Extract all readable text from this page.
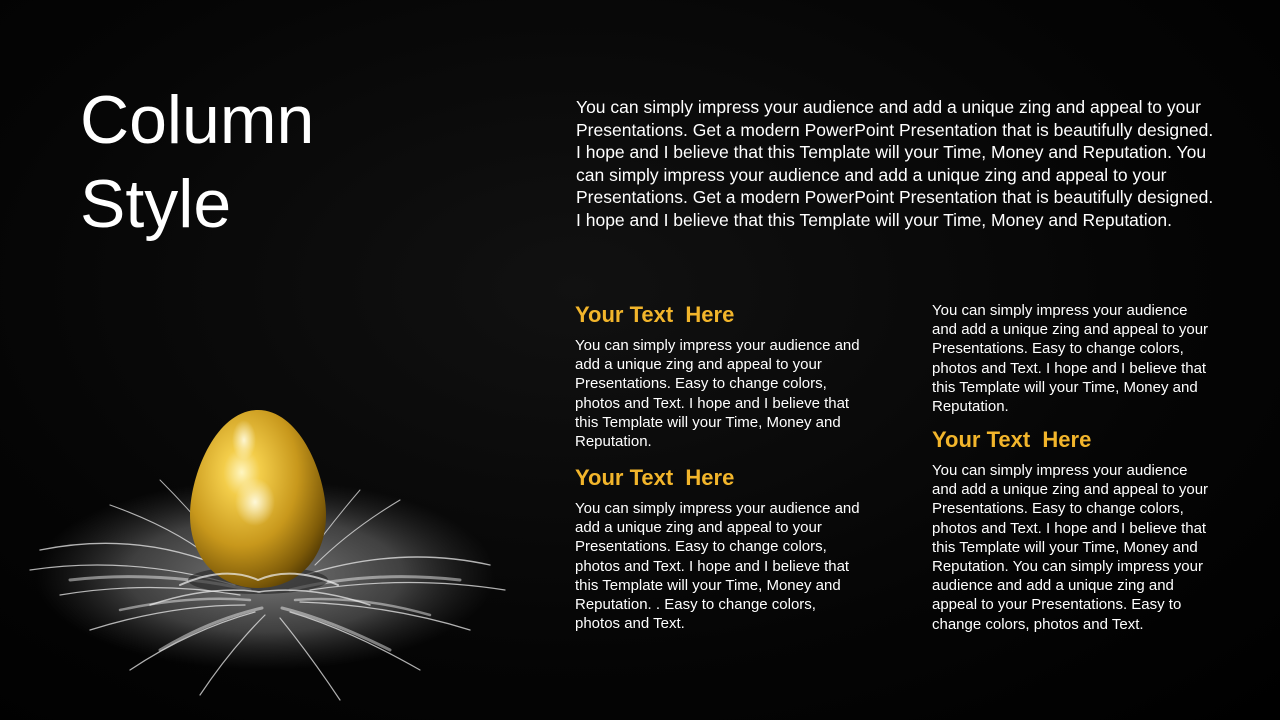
Column
Style

You can simply impress your audience and add a unique zing and appeal to your Presentations. Get a modern PowerPoint Presentation that is beautifully designed. I hope and I believe that this Template will your Time, Money and Reputation. You can simply impress your audience and add a unique zing and appeal to your Presentations. Get a modern PowerPoint Presentation that is beautifully designed. I hope and I believe that this Template will your Time, Money and Reputation.

Your Text  Here

You can simply impress your audience and add a unique zing and appeal to your Presentations. Easy to change colors, photos and Text. I hope and I believe that this Template will your Time, Money and Reputation.

Your Text  Here

You can simply impress your audience and add a unique zing and appeal to your Presentations. Easy to change colors, photos and Text. I hope and I believe that this Template will your Time, Money and Reputation. . Easy to change colors, photos and Text.

You can simply impress your audience and add a unique zing and appeal to your Presentations. Easy to change colors, photos and Text. I hope and I believe that this Template will your Time, Money and Reputation.

Your Text  Here

You can simply impress your audience and add a unique zing and appeal to your Presentations. Easy to change colors, photos and Text. I hope and I believe that this Template will your Time, Money and Reputation. You can simply impress your audience and add a unique zing and appeal to your Presentations. Easy to change colors, photos and Text.
